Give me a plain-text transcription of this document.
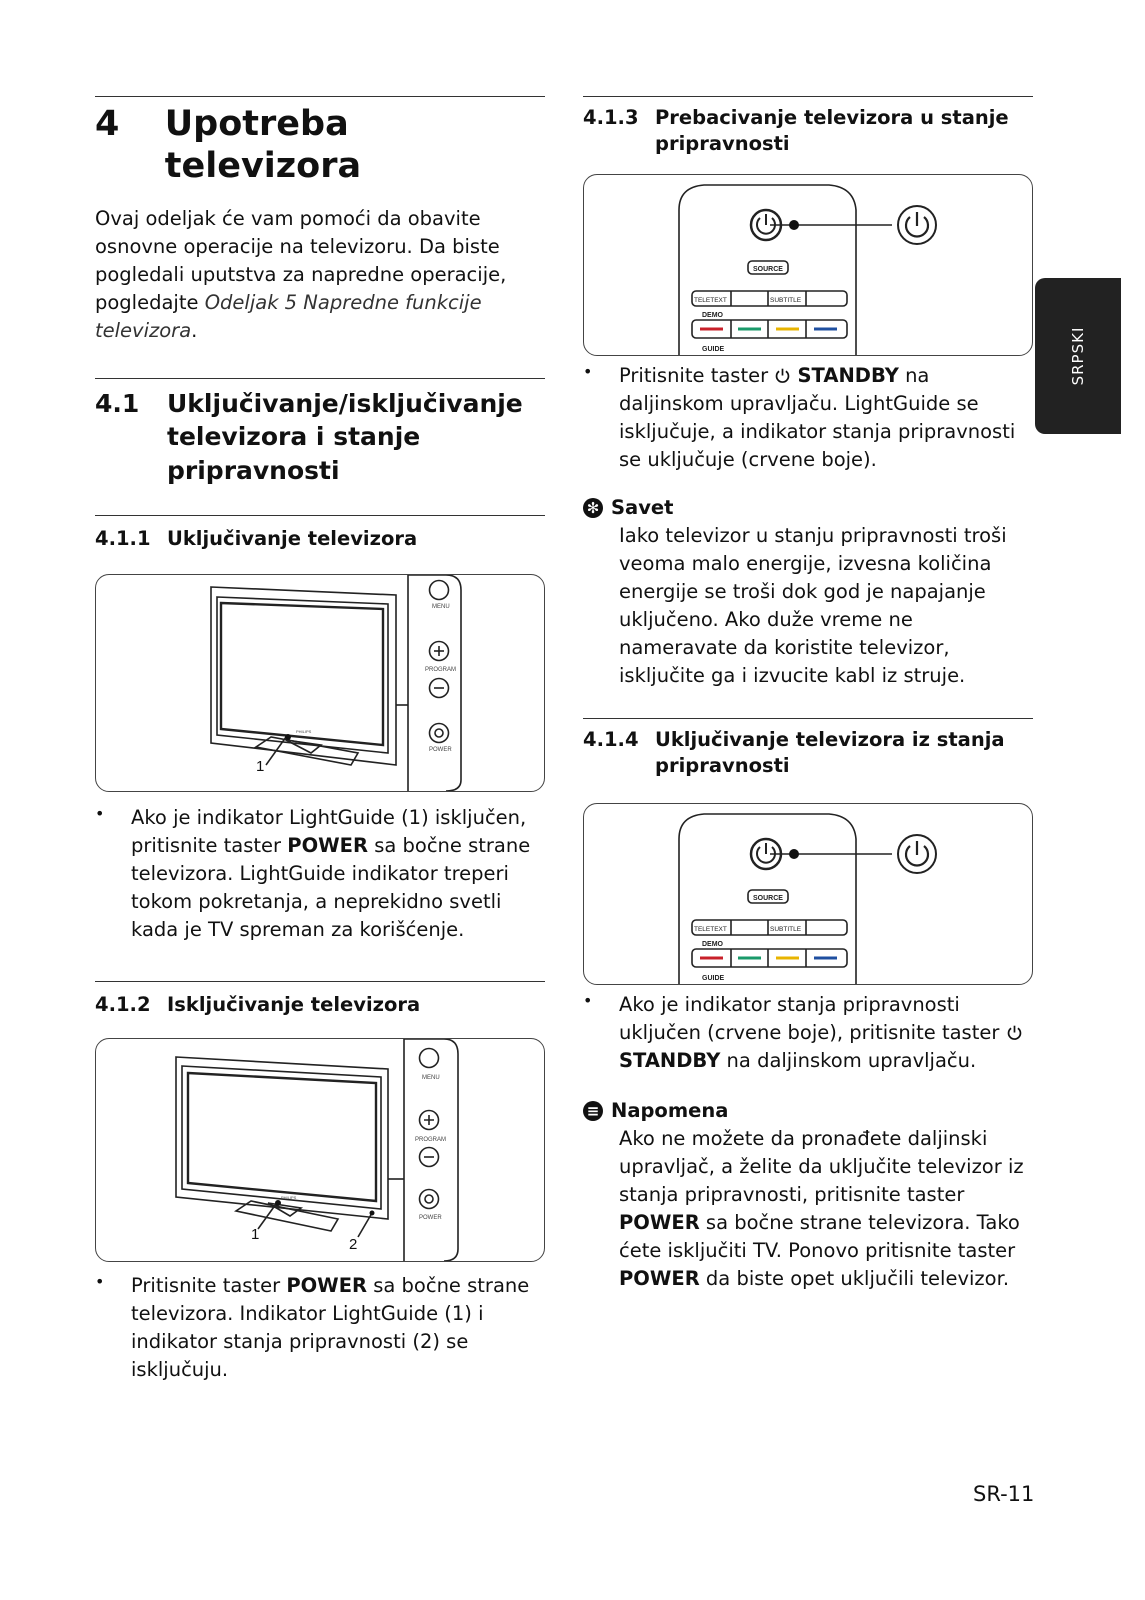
SRPSKI
4	Upotreba televizora

Ovaj odeljak će vam pomoći da obavite osnovne operacije na televizoru. Da biste pogledali uputstva za napredne operacije, pogledajte Odeljak 5 Napredne funkcije televizora.

4.1	Uključivanje/isključivanje televizora i stanje pripravnosti
4.1.1 Uključivanje televizora
MENU
PROGRAM
POWER
PHILIPS
1
•	Ako je indikator LightGuide (1) isključen, pritisnite taster POWER sa bočne strane televizora. LightGuide indikator treperi tokom pokretanja, a neprekidno svetli kada je TV spreman za korišćenje.

4.1.2 Isključivanje televizora
MENU
PROGRAM
POWER
PHILIPS
1
2
•	Pritisnite taster POWER sa bočne strane televizora. Indikator LightGuide (1) i indikator stanja pripravnosti (2) se isključuju.

4.1.3 Prebacivanje televizora u stanje pripravnosti
SOURCE
TELETEXT	SUBTITLE
DEMO
GUIDE
•	Pritisnite taster  STANDBY na daljinskom upravljaču. LightGuide se isključuje, a indikator stanja pripravnosti se uključuje (crvene boje).

✻ Savet

Iako televizor u stanju pripravnosti troši veoma malo energije, izvesna količina energije se troši dok god je napajanje uključeno. Ako duže vreme ne nameravate da koristite televizor, isključite ga i izvucite kabl iz struje.

4.1.4 Uključivanje televizora iz stanja pripravnosti
SOURCE
TELETEXT	SUBTITLE
DEMO
GUIDE
•	Ako je indikator stanja pripravnosti uključen (crvene boje), pritisnite taster  STANDBY na daljinskom upravljaču.

≡ Napomena

Ako ne možete da pronađete daljinski upravljač, a želite da uključite televizor iz stanja pripravnosti, pritisnite taster POWER sa bočne strane televizora. Tako ćete isključiti TV. Ponovo pritisnite taster POWER da biste opet uključili televizor.

SR-11
